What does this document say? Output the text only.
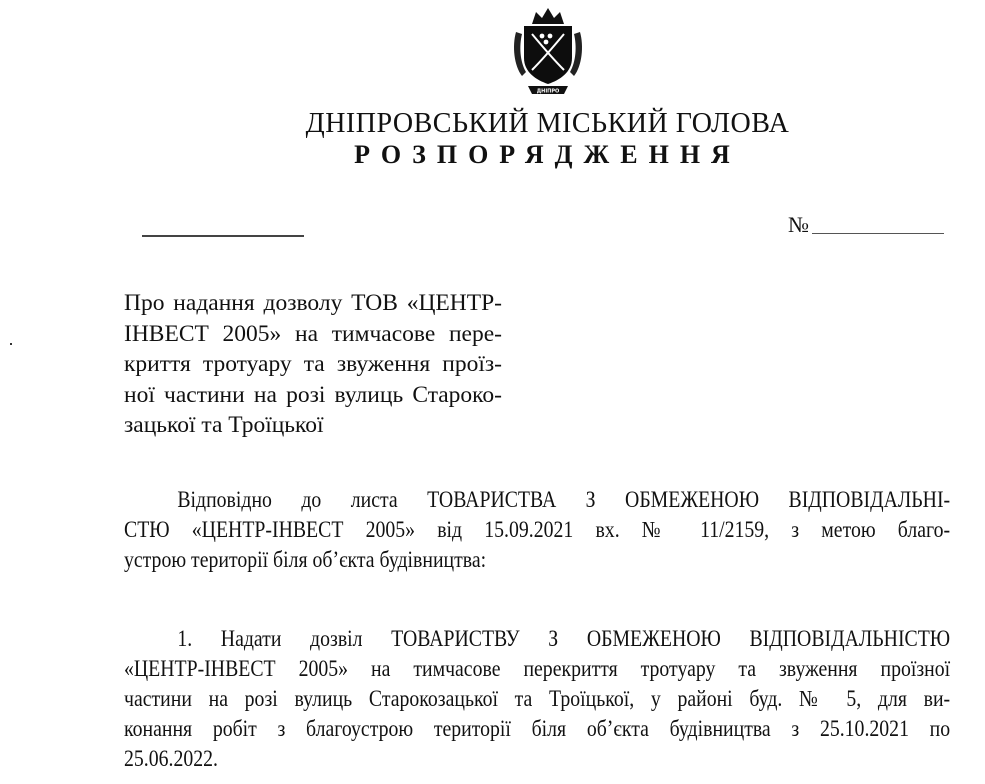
ДНІПРО
ДНІПРОВСЬКИЙ МІСЬКИЙ ГОЛОВА
РОЗПОРЯДЖЕННЯ
№
Про надання дозволу ТОВ «ЦЕНТР-
ІНВЕСТ 2005» на тимчасове пере-
криття тротуару та звуження проїз-
ної частини на розі вулиць Староко-
зацької та Троїцької
Відповідно до листа ТОВАРИСТВА З ОБМЕЖЕНОЮ ВІДПОВІДАЛЬНІ-
СТЮ «ЦЕНТР-ІНВЕСТ 2005» від 15.09.2021 вх. № 11/2159, з метою благо-
устрою території біля об’єкта будівництва:
1. Надати дозвіл ТОВАРИСТВУ З ОБМЕЖЕНОЮ ВІДПОВІДАЛЬНІСТЮ
«ЦЕНТР-ІНВЕСТ 2005» на тимчасове перекриття тротуару та звуження проїзної
частини на розі вулиць Старокозацької та Троїцької, у районі буд. № 5, для ви-
конання робіт з благоустрою території біля об’єкта будівництва з 25.10.2021 по
25.06.2022.
